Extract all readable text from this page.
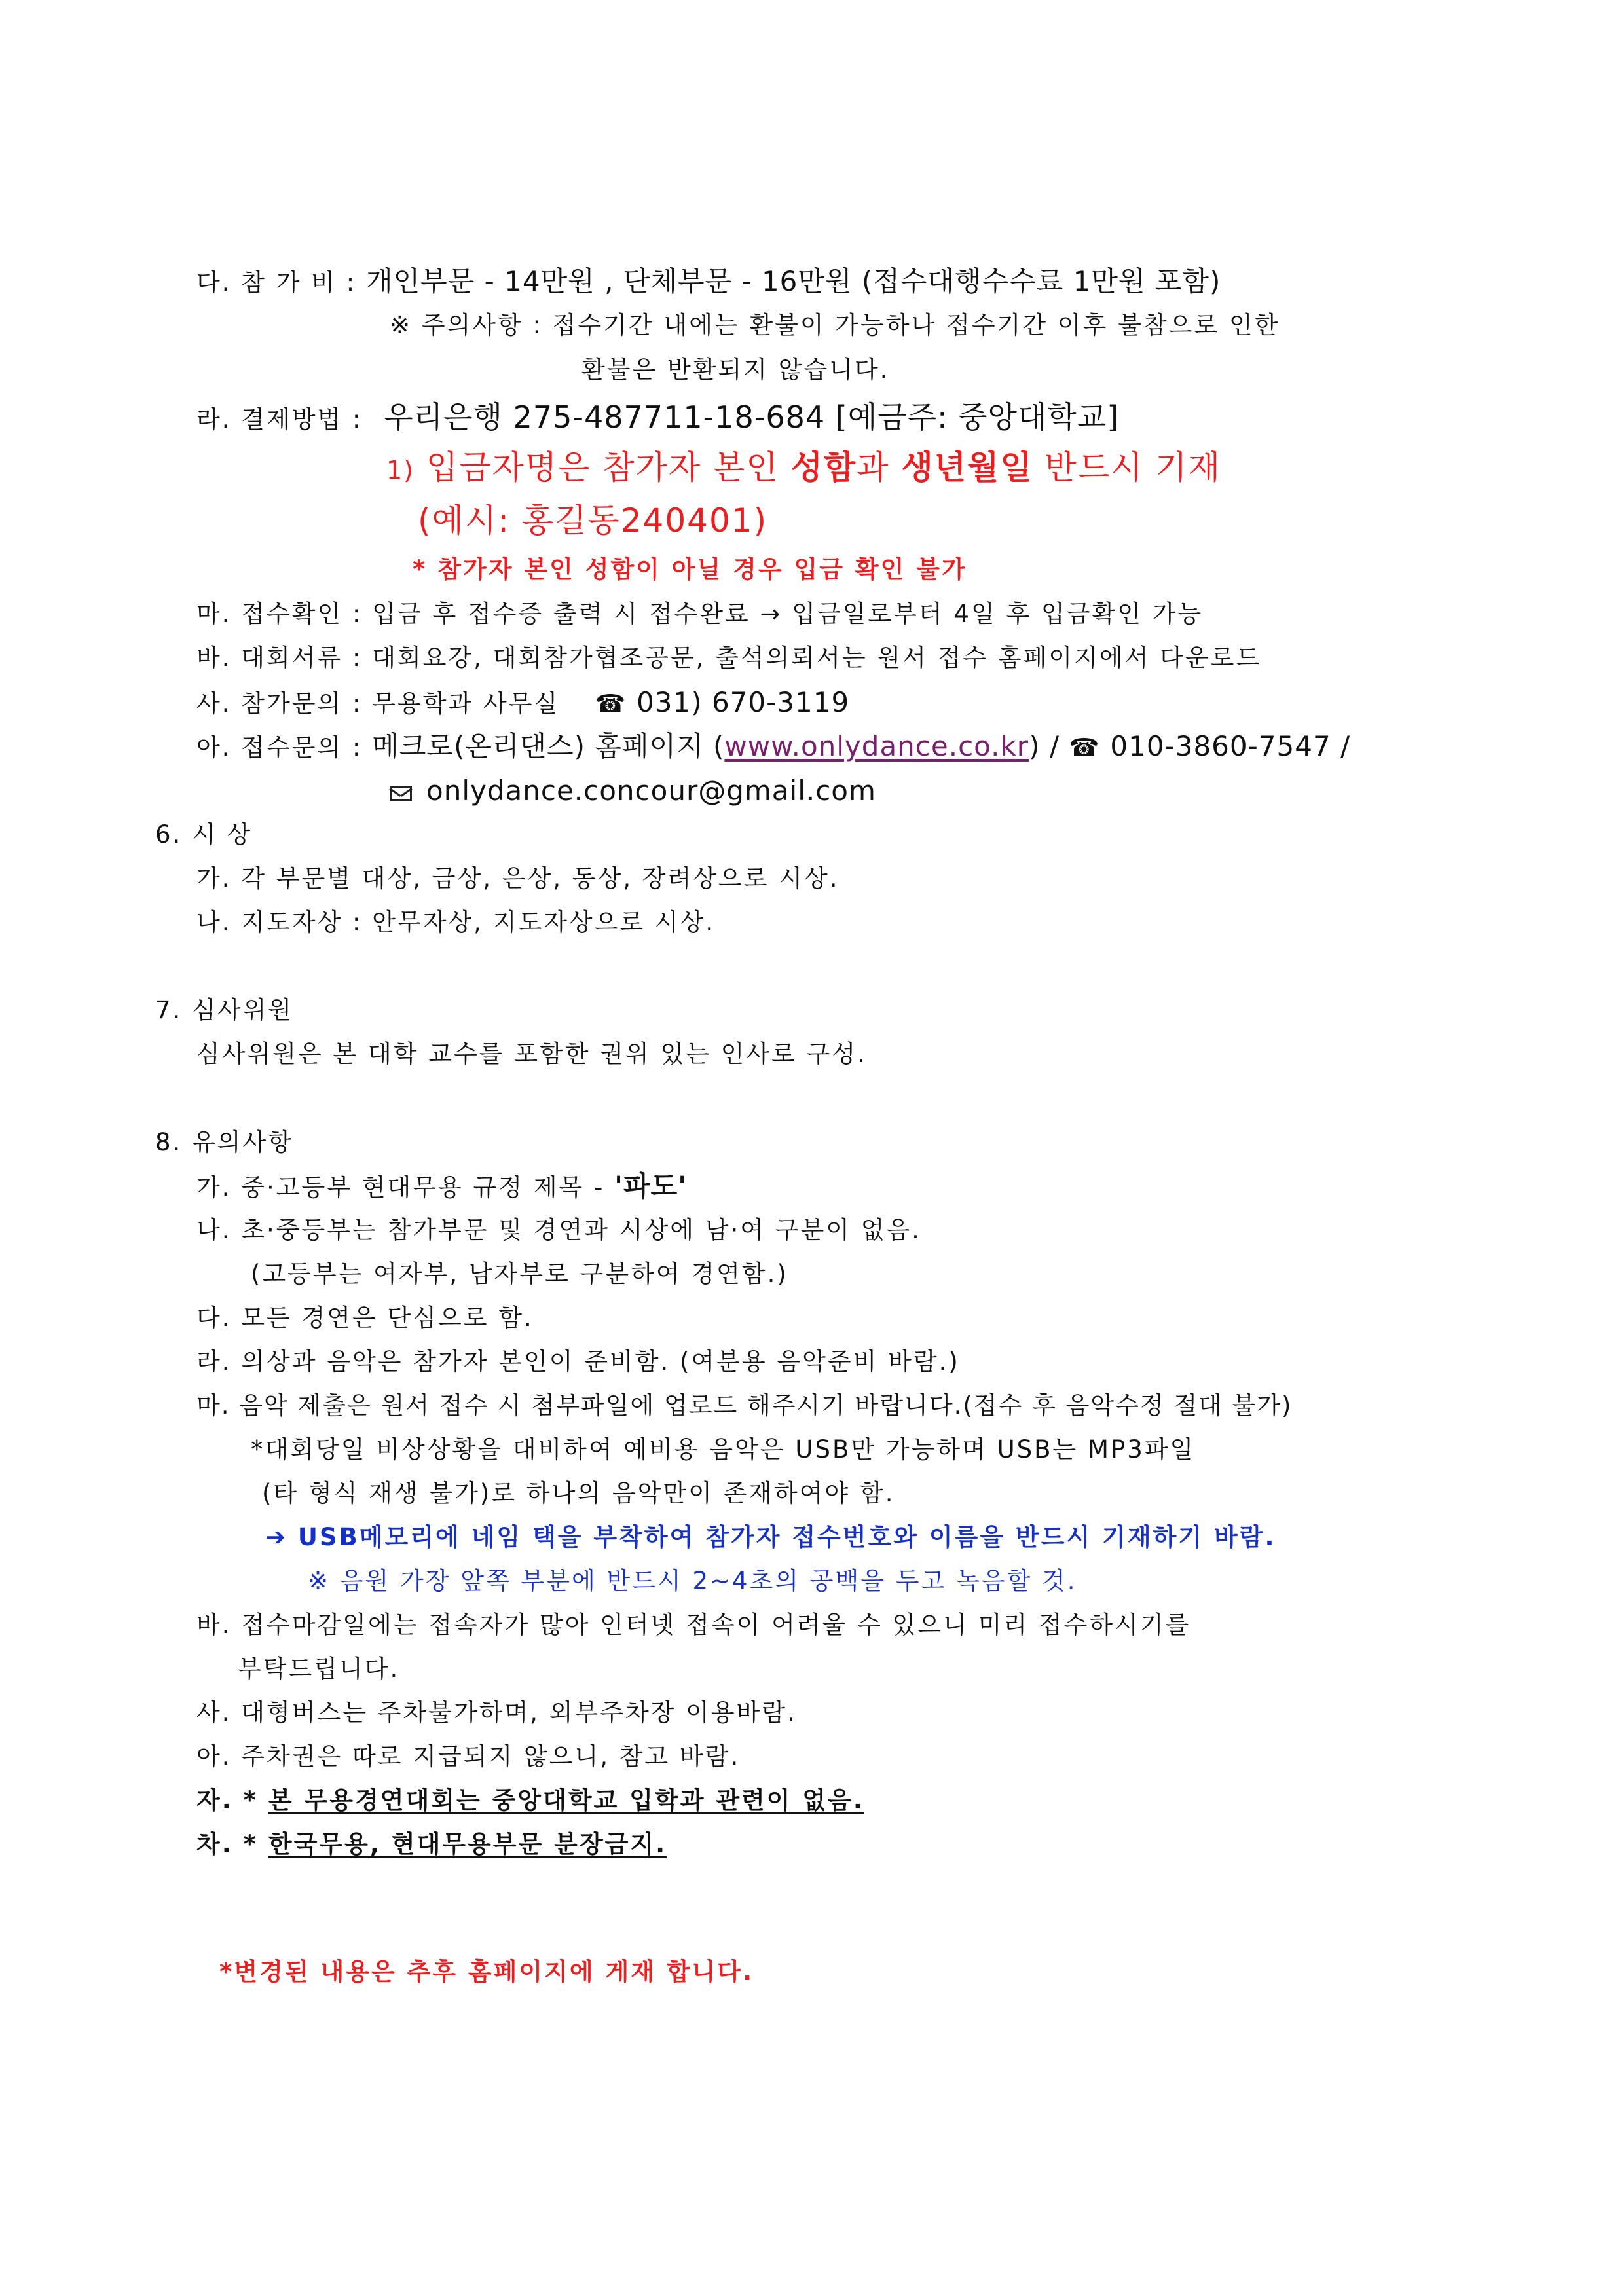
다. 참 가 비 : 개인부문 - 14만원 , 단체부문 - 16만원 (접수대행수수료 1만원 포함)
※ 주의사항 : 접수기간 내에는 환불이 가능하나 접수기간 이후 불참으로 인한
환불은 반환되지 않습니다.
라. 결제방법 : 우리은행 275-487711-18-684 [예금주: 중앙대학교]
1) 입금자명은 참가자 본인 성함과 생년월일 반드시 기재
(예시: 홍길동240401)
* 참가자 본인 성함이 아닐 경우 입금 확인 불가
마. 접수확인 : 입금 후 접수증 출력 시 접수완료 → 입금일로부터 4일 후 입금확인 가능
바. 대회서류 : 대회요강, 대회참가협조공문, 출석의뢰서는 원서 접수 홈페이지에서 다운로드
사. 참가문의 : 무용학과 사무실 ☎ 031) 670-3119
아. 접수문의 : 메크로(온리댄스) 홈페이지 (www.onlydance.co.kr) / ☎ 010-3860-7547 /
onlydance.concour@gmail.com
6. 시 상
가. 각 부문별 대상, 금상, 은상, 동상, 장려상으로 시상.
나. 지도자상 : 안무자상, 지도자상으로 시상.
7. 심사위원
심사위원은 본 대학 교수를 포함한 권위 있는 인사로 구성.
8. 유의사항
가. 중·고등부 현대무용 규정 제목 - '파도'
나. 초·중등부는 참가부문 및 경연과 시상에 남·여 구분이 없음.
(고등부는 여자부, 남자부로 구분하여 경연함.)
다. 모든 경연은 단심으로 함.
라. 의상과 음악은 참가자 본인이 준비함. (여분용 음악준비 바람.)
마. 음악 제출은 원서 접수 시 첨부파일에 업로드 해주시기 바랍니다.(접수 후 음악수정 절대 불가)
*대회당일 비상상황을 대비하여 예비용 음악은 USB만 가능하며 USB는 MP3파일
(타 형식 재생 불가)로 하나의 음악만이 존재하여야 함.
➔ USB메모리에 네임 택을 부착하여 참가자 접수번호와 이름을 반드시 기재하기 바람.
※ 음원 가장 앞쪽 부분에 반드시 2~4초의 공백을 두고 녹음할 것.
바. 접수마감일에는 접속자가 많아 인터넷 접속이 어려울 수 있으니 미리 접수하시기를
부탁드립니다.
사. 대형버스는 주차불가하며, 외부주차장 이용바람.
아. 주차권은 따로 지급되지 않으니, 참고 바람.
자. * 본 무용경연대회는 중앙대학교 입학과 관련이 없음.
차. * 한국무용, 현대무용부문 분장금지.
*변경된 내용은 추후 홈페이지에 게재 합니다.
